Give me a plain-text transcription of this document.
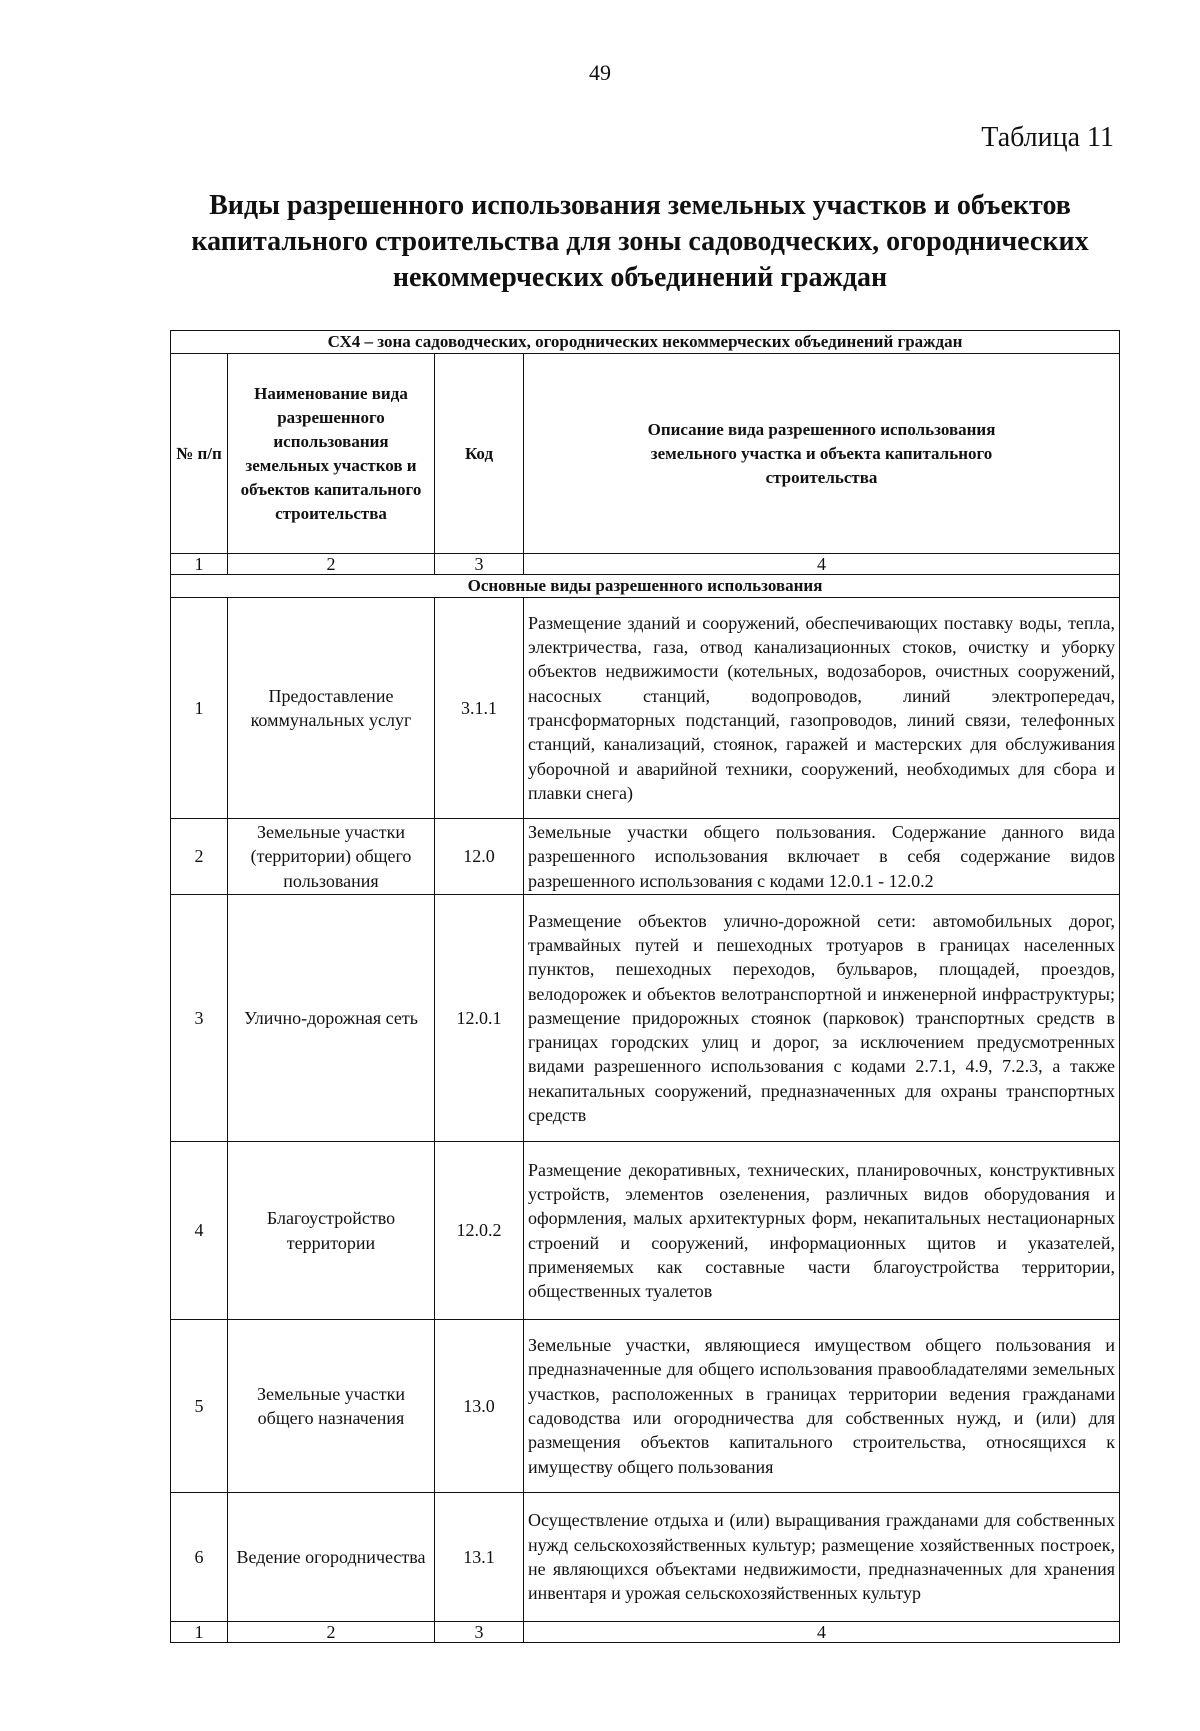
49
Таблица 11
Виды разрешенного использования земельных участков и объектов капитального строительства для зоны садоводческих, огороднических некоммерческих объединений граждан
СХ4 – зона садоводческих, огороднических некоммерческих объединений граждан			
№ п/п	Наименование вида разрешенного использования земельных участков и объектов капитального строительства	Код	Описание вида разрешенного использования земельного участка и объекта капитального строительства
1	2	3	4
Основные виды разрешенного использования			
1	Предоставление коммунальных услуг	3.1.1	Размещение зданий и сооружений, обеспечивающих поставку воды, тепла, электричества, газа, отвод канализационных стоков, очистку и уборку объектов недвижимости (котельных, водозаборов, очистных сооружений, насосных станций, водопроводов, линий электропередач, трансформаторных подстанций, газопроводов, линий связи, телефонных станций, канализаций, стоянок, гаражей и мастерских для обслуживания уборочной и аварийной техники, сооружений, необходимых для сбора и плавки снега)
2	Земельные участки (территории) общего пользования	12.0	Земельные участки общего пользования. Содержание данного вида разрешенного использования включает в себя содержание видов разрешенного использования с кодами 12.0.1 - 12.0.2
3	Улично-дорожная сеть	12.0.1	Размещение объектов улично-дорожной сети: автомобильных дорог, трамвайных путей и пешеходных тротуаров в границах населенных пунктов, пешеходных переходов, бульваров, площадей, проездов, велодорожек и объектов велотранспортной и инженерной инфраструктуры; размещение придорожных стоянок (парковок) транспортных средств в границах городских улиц и дорог, за исключением предусмотренных видами разрешенного использования с кодами 2.7.1, 4.9, 7.2.3, а также некапитальных сооружений, предназначенных для охраны транспортных средств
4	Благоустройство территории	12.0.2	Размещение декоративных, технических, планировочных, конструктивных устройств, элементов озеленения, различных видов оборудования и оформления, малых архитектурных форм, некапитальных нестационарных строений и сооружений, информационных щитов и указателей, применяемых как составные части благоустройства территории, общественных туалетов
5	Земельные участки общего назначения	13.0	Земельные участки, являющиеся имуществом общего пользования и предназначенные для общего использования правообладателями земельных участков, расположенных в границах территории ведения гражданами садоводства или огородничества для собственных нужд, и (или) для размещения объектов капитального строительства, относящихся к имуществу общего пользования
6	Ведение огородничества	13.1	Осуществление отдыха и (или) выращивания гражданами для собственных нужд сельскохозяйственных культур; размещение хозяйственных построек, не являющихся объектами недвижимости, предназначенных для хранения инвентаря и урожая сельскохозяйственных культур
1	2	3	4
